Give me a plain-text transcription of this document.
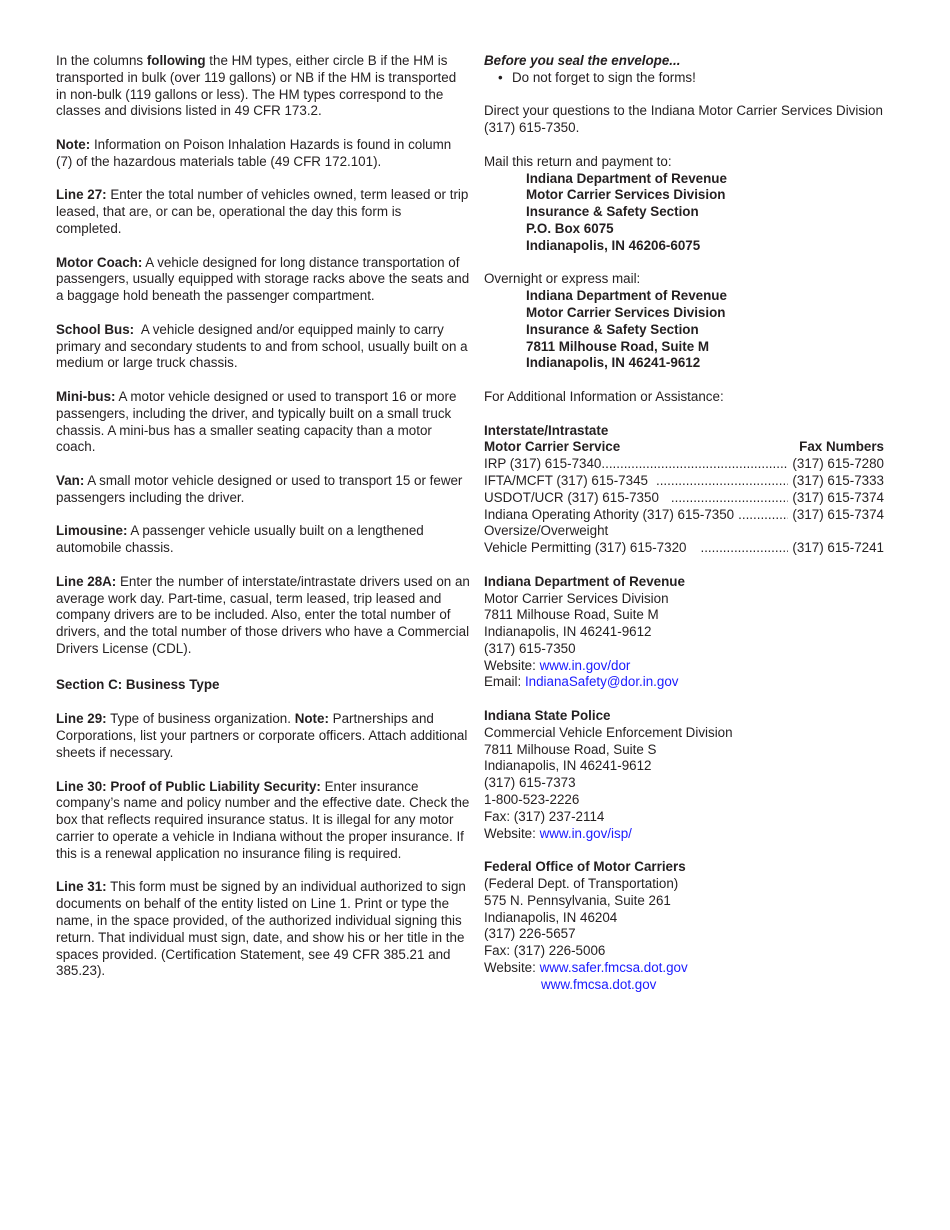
In the columns following the HM types, either circle B if the HM is transported in bulk (over 119 gallons) or NB if the HM is transported in non-bulk (119 gallons or less). The HM types correspond to the classes and divisions listed in 49 CFR 173.2.

Note: Information on Poison Inhalation Hazards is found in column (7) of the hazardous materials table (49 CFR 172.101).

Line 27: Enter the total number of vehicles owned, term leased or trip leased, that are, or can be, operational the day this form is completed.

Motor Coach: A vehicle designed for long distance transportation of passengers, usually equipped with storage racks above the seats and a baggage hold beneath the passenger compartment.

School Bus:  A vehicle designed and/or equipped mainly to carry primary and secondary students to and from school, usually built on a medium or large truck chassis.

Mini-bus: A motor vehicle designed or used to transport 16 or more passengers, including the driver, and typically built on a small truck chassis. A mini-bus has a smaller seating capacity than a motor coach.

Van: A small motor vehicle designed or used to transport 15 or fewer passengers including the driver.

Limousine: A passenger vehicle usually built on a lengthened automobile chassis.

Line 28A: Enter the number of interstate/intrastate drivers used on an average work day. Part-time, casual, term leased, trip leased and company drivers are to be included. Also, enter the total number of drivers, and the total number of those drivers who have a Commercial Drivers License (CDL).

Section C: Business Type

Line 29: Type of business organization. Note: Partnerships and Corporations, list your partners or corporate officers. Attach additional sheets if necessary.

Line 30: Proof of Public Liability Security: Enter insurance company’s name and policy number and the effective date. Check the box that reflects required insurance status. It is illegal for any motor carrier to operate a vehicle in Indiana without the proper insurance. If this is a renewal application no insurance filing is required.

Line 31: This form must be signed by an individual authorized to sign documents on behalf of the entity listed on Line 1. Print or type the name, in the space provided, of the authorized individual signing this return. That individual must sign, date, and show his or her title in the spaces provided. (Certification Statement, see 49 CFR 385.21 and 385.23).

Before you seal the envelope...

• Do not forget to sign the forms!

Direct your questions to the Indiana Motor Carrier Services Division (317) 615-7350.

Mail this return and payment to:

Indiana Department of Revenue

Motor Carrier Services Division

Insurance & Safety Section

P.O. Box 6075

Indianapolis, IN 46206-6075

Overnight or express mail:

Indiana Department of Revenue

Motor Carrier Services Division

Insurance & Safety Section

7811 Milhouse Road, Suite M

Indianapolis, IN 46241-9612

For Additional Information or Assistance:

Interstate/Intrastate

Motor Carrier Service	Fax Numbers
IRP (317) 615-7340 .....	(317) 615-7280
IFTA/MCFT (317) 615-7345 .....	(317) 615-7333
USDOT/UCR (317) 615-7350 .....	(317) 615-7374
Indiana Operating Athority (317) 615-7350 .....	(317) 615-7374

Oversize/Overweight

Vehicle Permitting (317) 615-7320 .....	(317) 615-7241

Indiana Department of Revenue

Motor Carrier Services Division

7811 Milhouse Road, Suite M

Indianapolis, IN 46241-9612

(317) 615-7350

Website: www.in.gov/dor

Email: IndianaSafety@dor.in.gov

Indiana State Police

Commercial Vehicle Enforcement Division

7811 Milhouse Road, Suite S

Indianapolis, IN 46241-9612

(317) 615-7373

1-800-523-2226

Fax: (317) 237-2114

Website: www.in.gov/isp/

Federal Office of Motor Carriers

(Federal Dept. of Transportation)

575 N. Pennsylvania, Suite 261

Indianapolis, IN 46204

(317) 226-5657

Fax: (317) 226-5006

Website: www.safer.fmcsa.dot.gov

www.fmcsa.dot.gov
